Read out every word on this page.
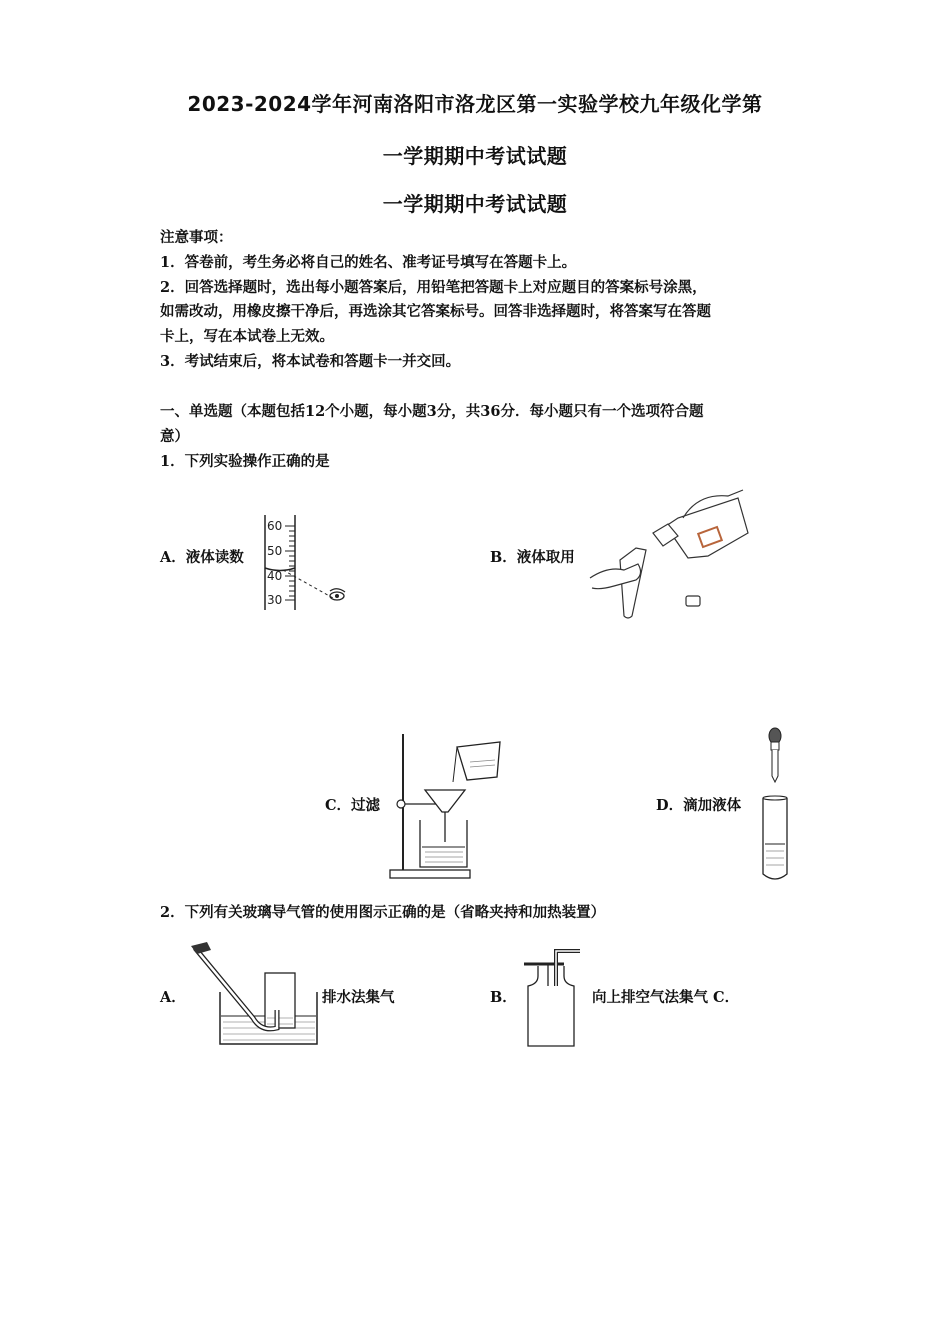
2023-2024学年河南洛阳市洛龙区第一实验学校九年级化学第
一学期期中考试试题
一学期期中考试试题
注意事项：
1．答卷前，考生务必将自己的姓名、准考证号填写在答题卡上。
2．回答选择题时，选出每小题答案后，用铅笔把答题卡上对应题目的答案标号涂黑，
如需改动，用橡皮擦干净后，再选涂其它答案标号。回答非选择题时，将答案写在答题
卡上，写在本试卷上无效。
3．考试结束后，将本试卷和答题卡一并交回。
一、单选题（本题包括12个小题，每小题3分，共36分．每小题只有一个选项符合题
意）
1．下列实验操作正确的是
A．液体读数
60
50
40
30
B．液体取用
C．过滤	D．滴加液体
2．下列有关玻璃导气管的使用图示正确的是（省略夹持和加热装置）
A．	排水法集气	B．	向上排空气法集气 C．
